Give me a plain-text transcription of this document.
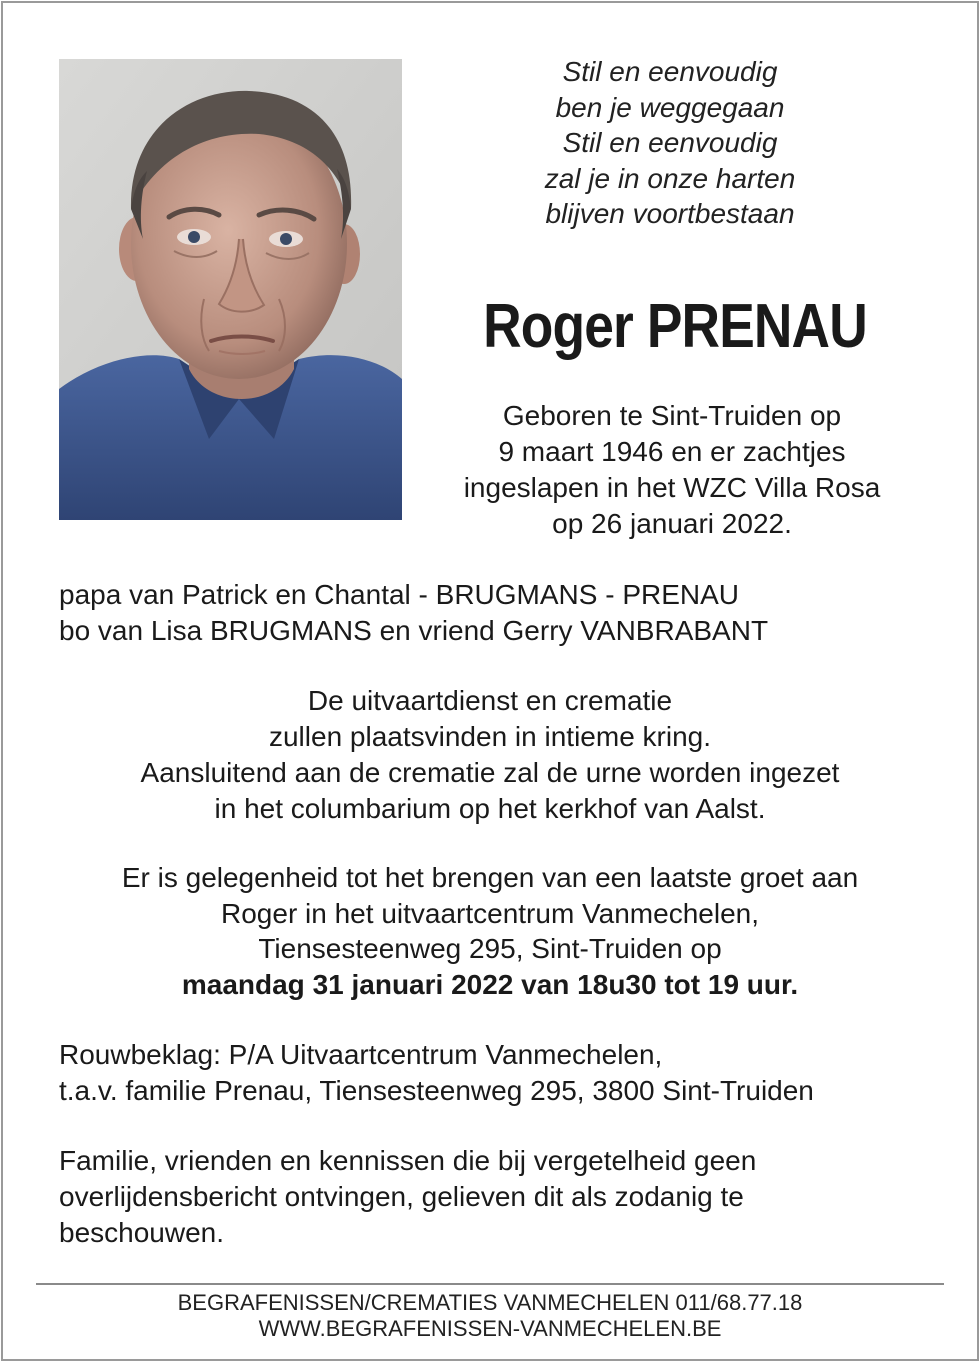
Stil en eenvoudig
ben je weggegaan
Stil en eenvoudig
zal je in onze harten
blijven voortbestaan
Roger PRENAU
Geboren te Sint-Truiden op
9 maart 1946 en er zachtjes
ingeslapen in het WZC Villa Rosa
op 26 januari 2022.
papa van Patrick en Chantal - BRUGMANS - PRENAU
bo van Lisa BRUGMANS en vriend Gerry VANBRABANT
De uitvaartdienst en crematie
zullen plaatsvinden in intieme kring.
Aansluitend aan de crematie zal de urne worden ingezet
in het columbarium op het kerkhof van Aalst.
Er is gelegenheid tot het brengen van een laatste groet aan
Roger in het uitvaartcentrum Vanmechelen,
Tiensesteenweg 295, Sint-Truiden op
maandag 31 januari 2022 van 18u30 tot 19 uur.
Rouwbeklag: P/A Uitvaartcentrum Vanmechelen,
t.a.v. familie Prenau, Tiensesteenweg 295, 3800 Sint-Truiden
Familie, vrienden en kennissen die bij vergetelheid geen
overlijdensbericht ontvingen, gelieven dit als zodanig te
beschouwen.
BEGRAFENISSEN/CREMATIES VANMECHELEN 011/68.77.18
WWW.BEGRAFENISSEN-VANMECHELEN.BE
